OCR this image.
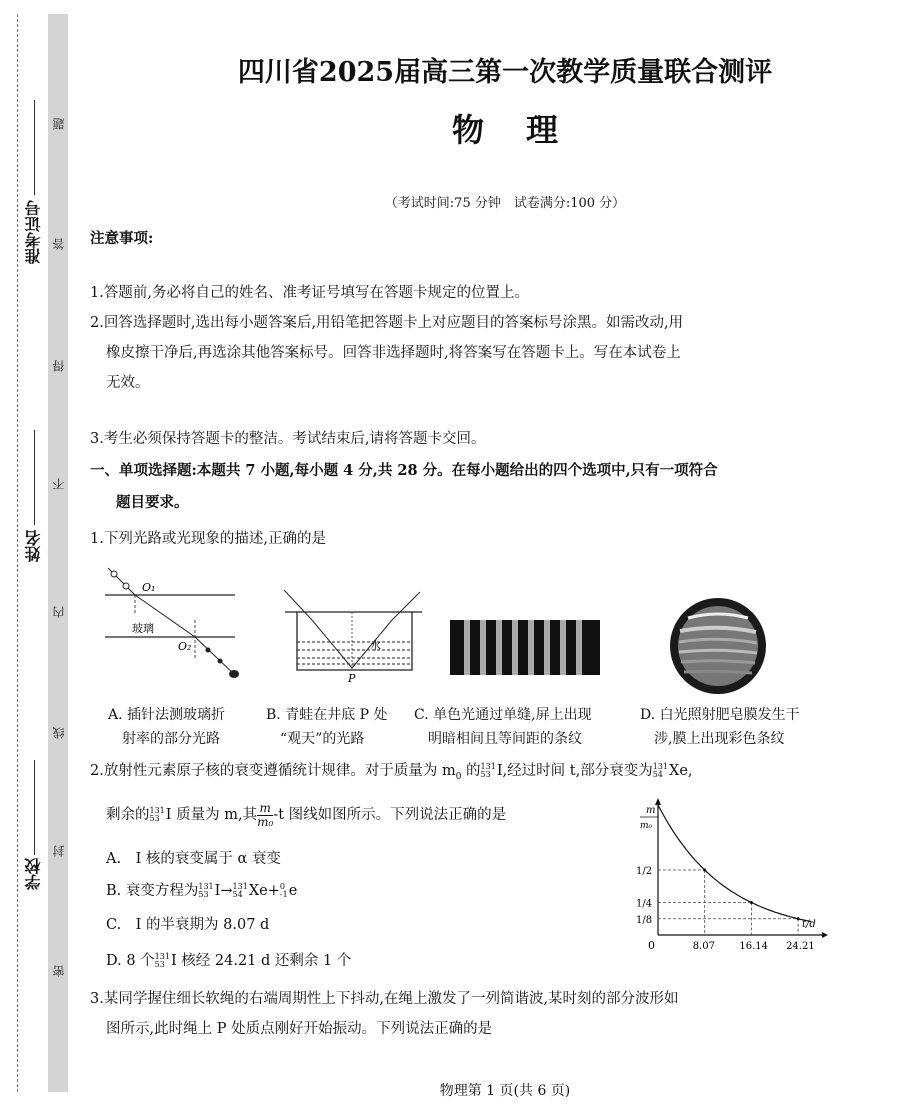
准考证号
姓名
学校
题
答
得
不
内
线
封
密
四川省2025届高三第一次教学质量联合测评
物理
（考试时间:75 分钟　试卷满分:100 分）
注意事项:
1.答题前,务必将自己的姓名、准考证号填写在答题卡规定的位置上。
2.回答选择题时,选出每小题答案后,用铅笔把答题卡上对应题目的答案标号涂黑。如需改动,用
橡皮擦干净后,再选涂其他答案标号。回答非选择题时,将答案写在答题卡上。写在本试卷上
无效。
3.考生必须保持答题卡的整洁。考试结束后,请将答题卡交回。
一、单项选择题:本题共 7 小题,每小题 4 分,共 28 分。在每小题给出的四个选项中,只有一项符合
题目要求。
1.下列光路或光现象的描述,正确的是
O₁
玻璃
O₂	水
P
A. 插针法测玻璃折
射率的部分光路
B. 青蛙在井底 P 处
“观天”的光路
C. 单色光通过单缝,屏上出现
明暗相间且等间距的条纹
D. 白光照射肥皂膜发生干
涉,膜上出现彩色条纹
2.放射性元素原子核的衰变遵循统计规律。对于质量为 $m_0$ 的 131
53 I,经过时间 t,部分衰变为 131
54 Xe,
剩余的 131
53 I 质量为 m,其 $\frac{m}{\text{m₀}} -t$ 图线如图所示。下列说法正确的是
A.　I 核的衰变属于 α 衰变
B. 衰变方程为 131
53 I→ 131
54 Xe+ 0
-1 e
C.　I 的半衰期为 8.07 d
D. 8 个 131
53 I 核经 24.21 d 还剩余 1 个
m
m₀
t/d
0	8.07
1/2
16.14
1/4
24.21
1/8
3.某同学握住细长软绳的右端周期性上下抖动,在绳上激发了一列简谐波,某时刻的部分波形如
图所示,此时绳上 P 处质点刚好开始振动。下列说法正确的是
物理第 1 页(共 6 页)
